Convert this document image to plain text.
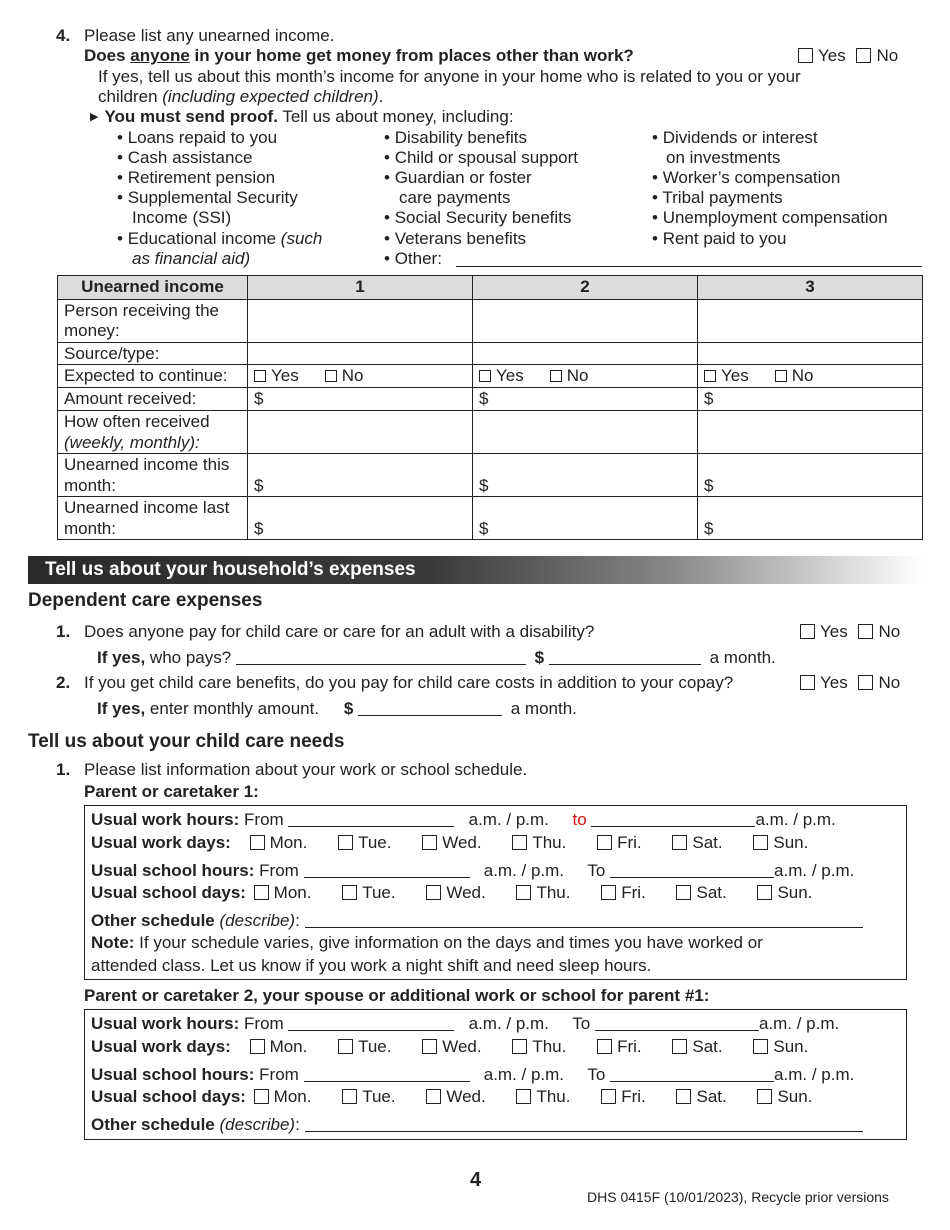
4. Please list any unearned income.
Does anyone in your home get money from places other than work?	Yes No
If yes, tell us about this month’s income for anyone in your home who is related to you or your
children (including expected children).
▶ You must send proof. Tell us about money, including:
• Loans repaid to you
• Cash assistance
• Retirement pension
• Supplemental Security
Income (SSI)
• Educational income (such
as financial aid)
• Disability benefits
• Child or spousal support
• Guardian or foster
care payments
• Social Security benefits
• Veterans benefits
• Other:
• Dividends or interest
on investments
• Worker’s compensation
• Tribal payments
• Unemployment compensation
• Rent paid to you
Unearned income	1	2	3
Person receiving the money:			
Source/type:			
Expected to continue:	Yes No	Yes No	Yes No
Amount received:	$	$	$
How often received
(weekly, monthly):			
Unearned income this month:	$	$	$
Unearned income last month:	$	$	$
Tell us about your household’s expenses
Dependent care expenses
1. Does anyone pay for child care or care for an adult with a disability?	Yes No
If yes, who pays?	$	a month.
2. If you get child care benefits, do you pay for child care costs in addition to your copay?	Yes No
If yes, enter monthly amount. $	a month.
Tell us about your child care needs
1. Please list information about your work or school schedule.
Parent or caretaker 1:
Usual work hours: From	a.m. / p.m. to	a.m. / p.m.
Usual work days: Mon.	Tue.	Wed.	Thu.	Fri.	Sat.	Sun.
Usual school hours: From	a.m. / p.m. To	a.m. / p.m.
Usual school days: Mon.	Tue.	Wed.	Thu.	Fri.	Sat.	Sun.
Other schedule (describe):
Note: If your schedule varies, give information on the days and times you have worked or
attended class. Let us know if you work a night shift and need sleep hours.
Parent or caretaker 2, your spouse or additional work or school for parent #1:
Usual work hours: From	a.m. / p.m. To	a.m. / p.m.
Usual work days: Mon.	Tue.	Wed.	Thu.	Fri.	Sat.	Sun.
Usual school hours: From	a.m. / p.m. To	a.m. / p.m.
Usual school days: Mon.	Tue.	Wed.	Thu.	Fri.	Sat.	Sun.
Other schedule (describe):
4
DHS 0415F (10/01/2023), Recycle prior versions
